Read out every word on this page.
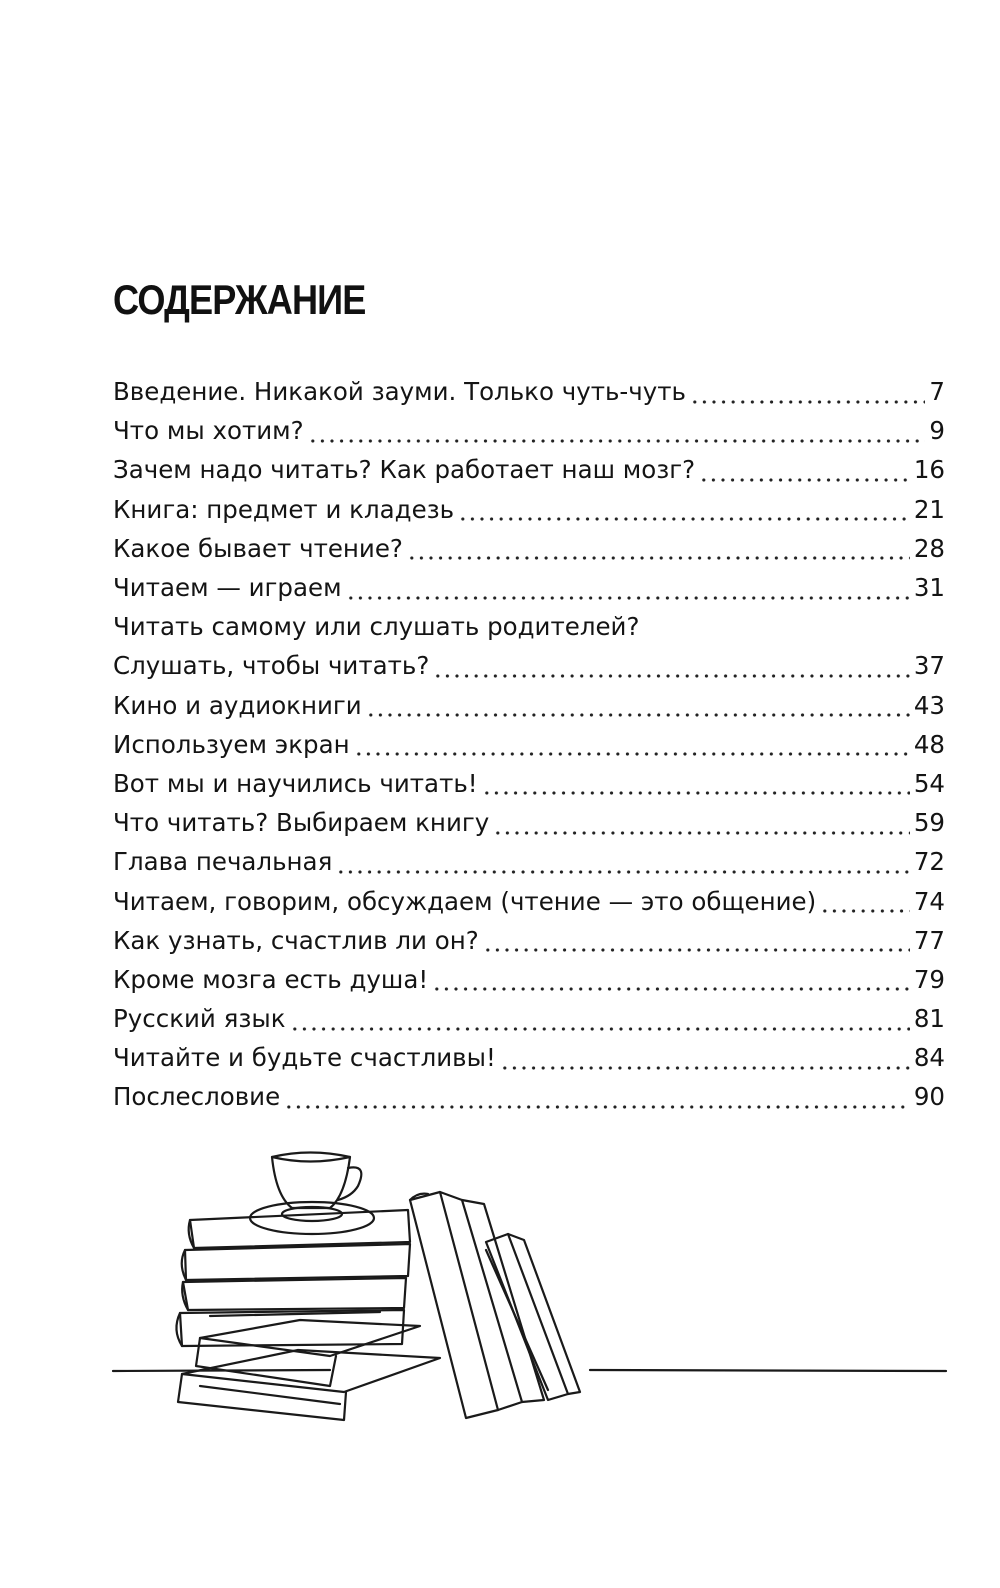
СОДЕРЖАНИЕ
Введение. Никакой зауми. Только чуть-чуть	7
Что мы хотим?	9
Зачем надо читать? Как работает наш мозг?	16
Книга: предмет и кладезь	21
Какое бывает чтение?	28
Читаем — играем	31
Читать самому или слушать родителей?
Слушать, чтобы читать?	37
Кино и аудиокниги	43
Используем экран	48
Вот мы и научились читать!	54
Что читать? Выбираем книгу	59
Глава печальная	72
Читаем, говорим, обсуждаем (чтение — это общение)	74
Как узнать, счастлив ли он?	77
Кроме мозга есть душа!	79
Русский язык	81
Читайте и будьте счастливы!	84
Послесловие	90
